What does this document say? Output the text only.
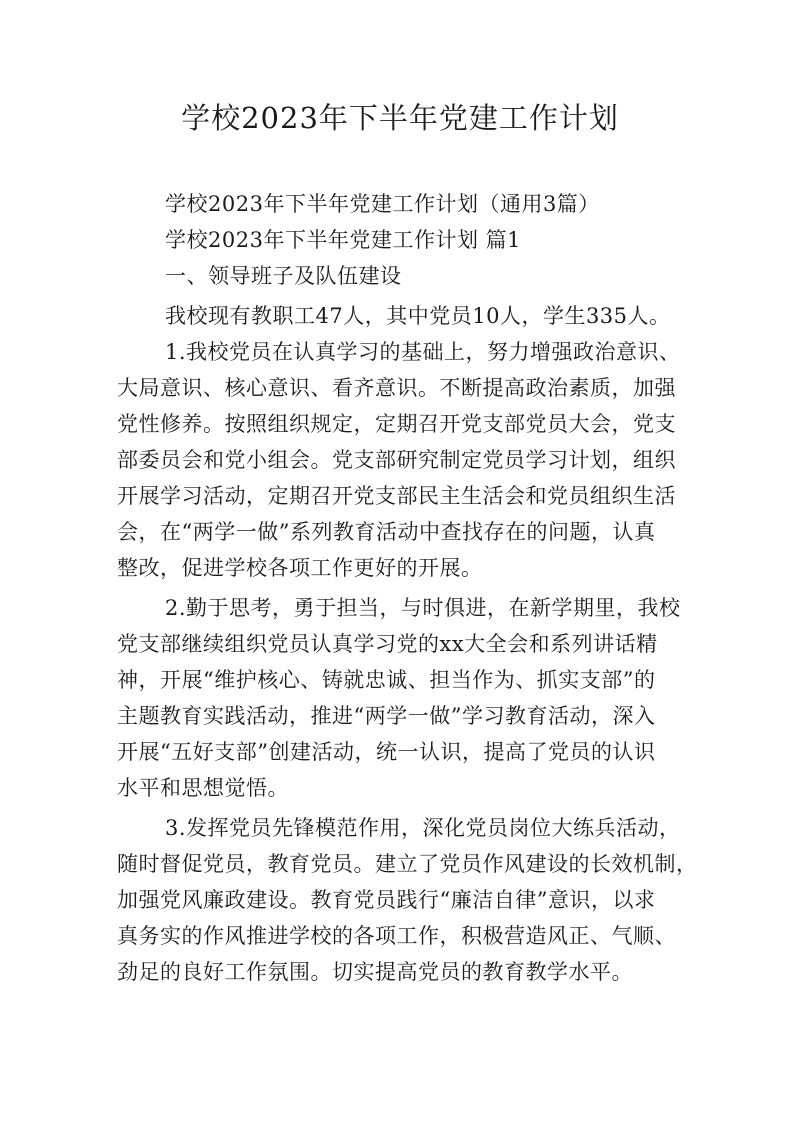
学校2023年下半年党建工作计划

学校2023年下半年党建工作计划（通用3篇）

学校2023年下半年党建工作计划 篇1

一、领导班子及队伍建设

我校现有教职工47人，其中党员10人，学生335人。

1.我校党员在认真学习的基础上，努力增强政治意识、

大局意识、核心意识、看齐意识。不断提高政治素质，加强

党性修养。按照组织规定，定期召开党支部党员大会，党支

部委员会和党小组会。党支部研究制定党员学习计划，组织

开展学习活动，定期召开党支部民主生活会和党员组织生活

会，在“两学一做”系列教育活动中查找存在的问题，认真

整改，促进学校各项工作更好的开展。

2.勤于思考，勇于担当，与时俱进，在新学期里，我校

党支部继续组织党员认真学习党的xx大全会和系列讲话精

神，开展“维护核心、铸就忠诚、担当作为、抓实支部”的

主题教育实践活动，推进“两学一做”学习教育活动，深入

开展“五好支部”创建活动，统一认识，提高了党员的认识

水平和思想觉悟。

3.发挥党员先锋模范作用，深化党员岗位大练兵活动，

随时督促党员，教育党员。建立了党员作风建设的长效机制，

加强党风廉政建设。教育党员践行“廉洁自律”意识，以求

真务实的作风推进学校的各项工作，积极营造风正、气顺、

劲足的良好工作氛围。切实提高党员的教育教学水平。
